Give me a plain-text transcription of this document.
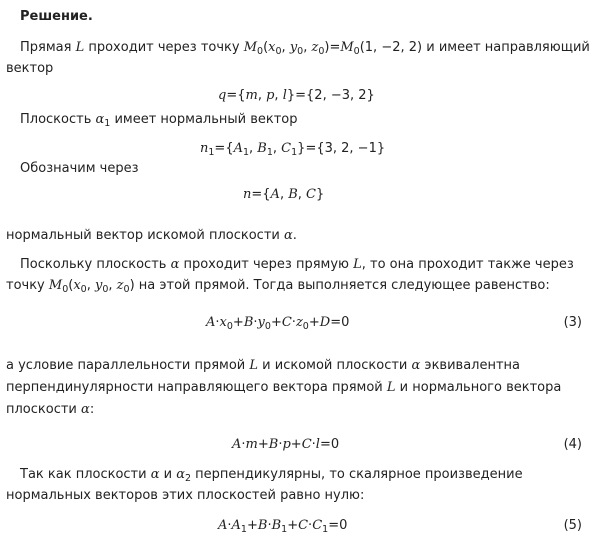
Решение.
Прямая L проходит через точку $M_0(x_0$, $y_0$, $z_0)=M_0(1$, −2, 2) и имеет направляющий
вектор
q={m, p, l}={2, −3, 2}
Плоскость $\alpha_1$ имеет нормальный вектор
$n_1=\{A_1$, $B_1$, $C_1\}=\{3$, 2, −1}
Обозначим через
n={A, B, C}
нормальный вектор искомой плоскости α.
Поскольку плоскость α проходит через прямую L, то она проходит также через
точку $M_0(x_0$, $y_0$, $z_0$) на этой прямой. Тогда выполняется следующее равенство:
$A\cdot x_0+B\cdot y_0+C\cdot z_0+D=0$	(3)
а условие параллельности прямой L и искомой плоскости α эквивалентна
перпендинулярности направляющего вектора прямой L и нормального вектора
плоскости α:
A·m+B·p+C·l=0	(4)
Так как плоскости α и $\alpha_2$ перпендикулярны, то скалярное произведение
нормальных векторов этих плоскостей равно нулю:
$A\cdot A_1+B\cdot B_1+C\cdot C_1=0$	(5)
